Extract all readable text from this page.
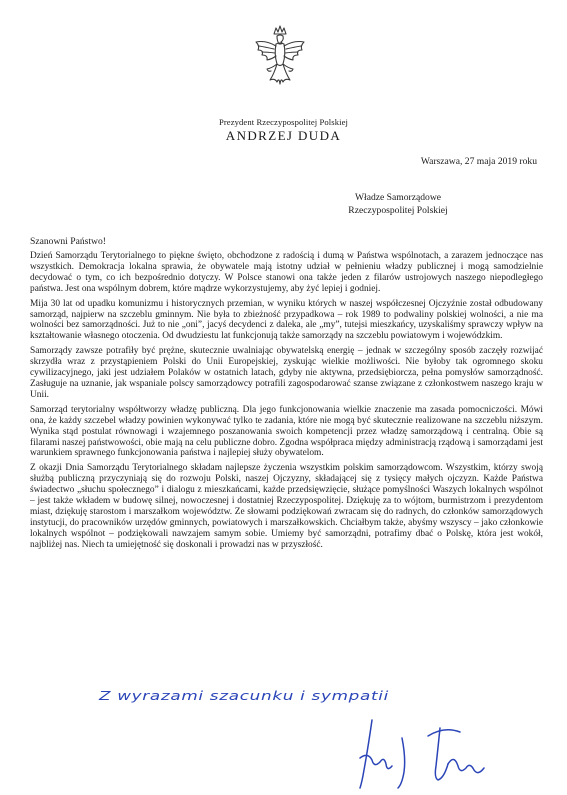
Prezydent Rzeczypospolitej Polskiej
ANDRZEJ DUDA
Warszawa, 27 maja 2019 roku
Władze Samorządowe
Rzeczypospolitej Polskiej
Szanowni Państwo!

Dzień Samorządu Terytorialnego to piękne święto, obchodzone z radością i dumą w Państwa wspólnotach, a zarazem jednoczące nas wszystkich. Demokracja lokalna sprawia, że obywatele mają istotny udział w pełnieniu władzy publicznej i mogą samodzielnie decydować o tym, co ich bezpośrednio dotyczy. W Polsce stanowi ona także jeden z filarów ustrojowych naszego niepodległego państwa. Jest ona wspólnym dobrem, które mądrze wykorzystujemy, aby żyć lepiej i godniej.

Mija 30 lat od upadku komunizmu i historycznych przemian, w wyniku których w naszej współczesnej Ojczyźnie został odbudowany samorząd, najpierw na szczeblu gminnym. Nie była to zbieżność przypadkowa – rok 1989 to podwaliny polskiej wolności, a nie ma wolności bez samorządności. Już to nie „oni”, jacyś decydenci z daleka, ale „my”, tutejsi mieszkańcy, uzyskaliśmy sprawczy wpływ na kształtowanie własnego otoczenia. Od dwudziestu lat funkcjonują także samorządy na szczeblu powiatowym i wojewódzkim.

Samorządy zawsze potrafiły być prężne, skutecznie uwalniając obywatelską energię – jednak w szczególny sposób zaczęły rozwijać skrzydła wraz z przystąpieniem Polski do Unii Europejskiej, zyskując wielkie możliwości. Nie byłoby tak ogromnego skoku cywilizacyjnego, jaki jest udziałem Polaków w ostatnich latach, gdyby nie aktywna, przedsiębiorcza, pełna pomysłów samorządność. Zasługuje na uznanie, jak wspaniale polscy samorządowcy potrafili zagospodarować szanse związane z członkostwem naszego kraju w Unii.

Samorząd terytorialny współtworzy władzę publiczną. Dla jego funkcjonowania wielkie znaczenie ma zasada pomocniczości. Mówi ona, że każdy szczebel władzy powinien wykonywać tylko te zadania, które nie mogą być skutecznie realizowane na szczeblu niższym. Wynika stąd postulat równowagi i wzajemnego poszanowania swoich kompetencji przez władzę samorządową i centralną. Obie są filarami naszej państwowości, obie mają na celu publiczne dobro. Zgodna współpraca między administracją rządową i samorządami jest warunkiem sprawnego funkcjonowania państwa i najlepiej służy obywatelom.

Z okazji Dnia Samorządu Terytorialnego składam najlepsze życzenia wszystkim polskim samorządowcom. Wszystkim, którzy swoją służbą publiczną przyczyniają się do rozwoju Polski, naszej Ojczyzny, składającej się z tysięcy małych ojczyzn. Każde Państwa świadectwo „słuchu społecznego” i dialogu z mieszkańcami, każde przedsięwzięcie, służące pomyślności Waszych lokalnych wspólnot – jest także wkładem w budowę silnej, nowoczesnej i dostatniej Rzeczypospolitej. Dziękuję za to wójtom, burmistrzom i prezydentom miast, dziękuję starostom i marszałkom województw. Ze słowami podziękowań zwracam się do radnych, do członków samorządowych instytucji, do pracowników urzędów gminnych, powiatowych i marszałkowskich. Chciałbym także, abyśmy wszyscy – jako członkowie lokalnych wspólnot – podziękowali nawzajem samym sobie. Umiemy być samorządni, potrafimy dbać o Polskę, która jest wokół, najbliżej nas. Niech ta umiejętność się doskonali i prowadzi nas w przyszłość.

Z wyrazami szacunku i sympatii
